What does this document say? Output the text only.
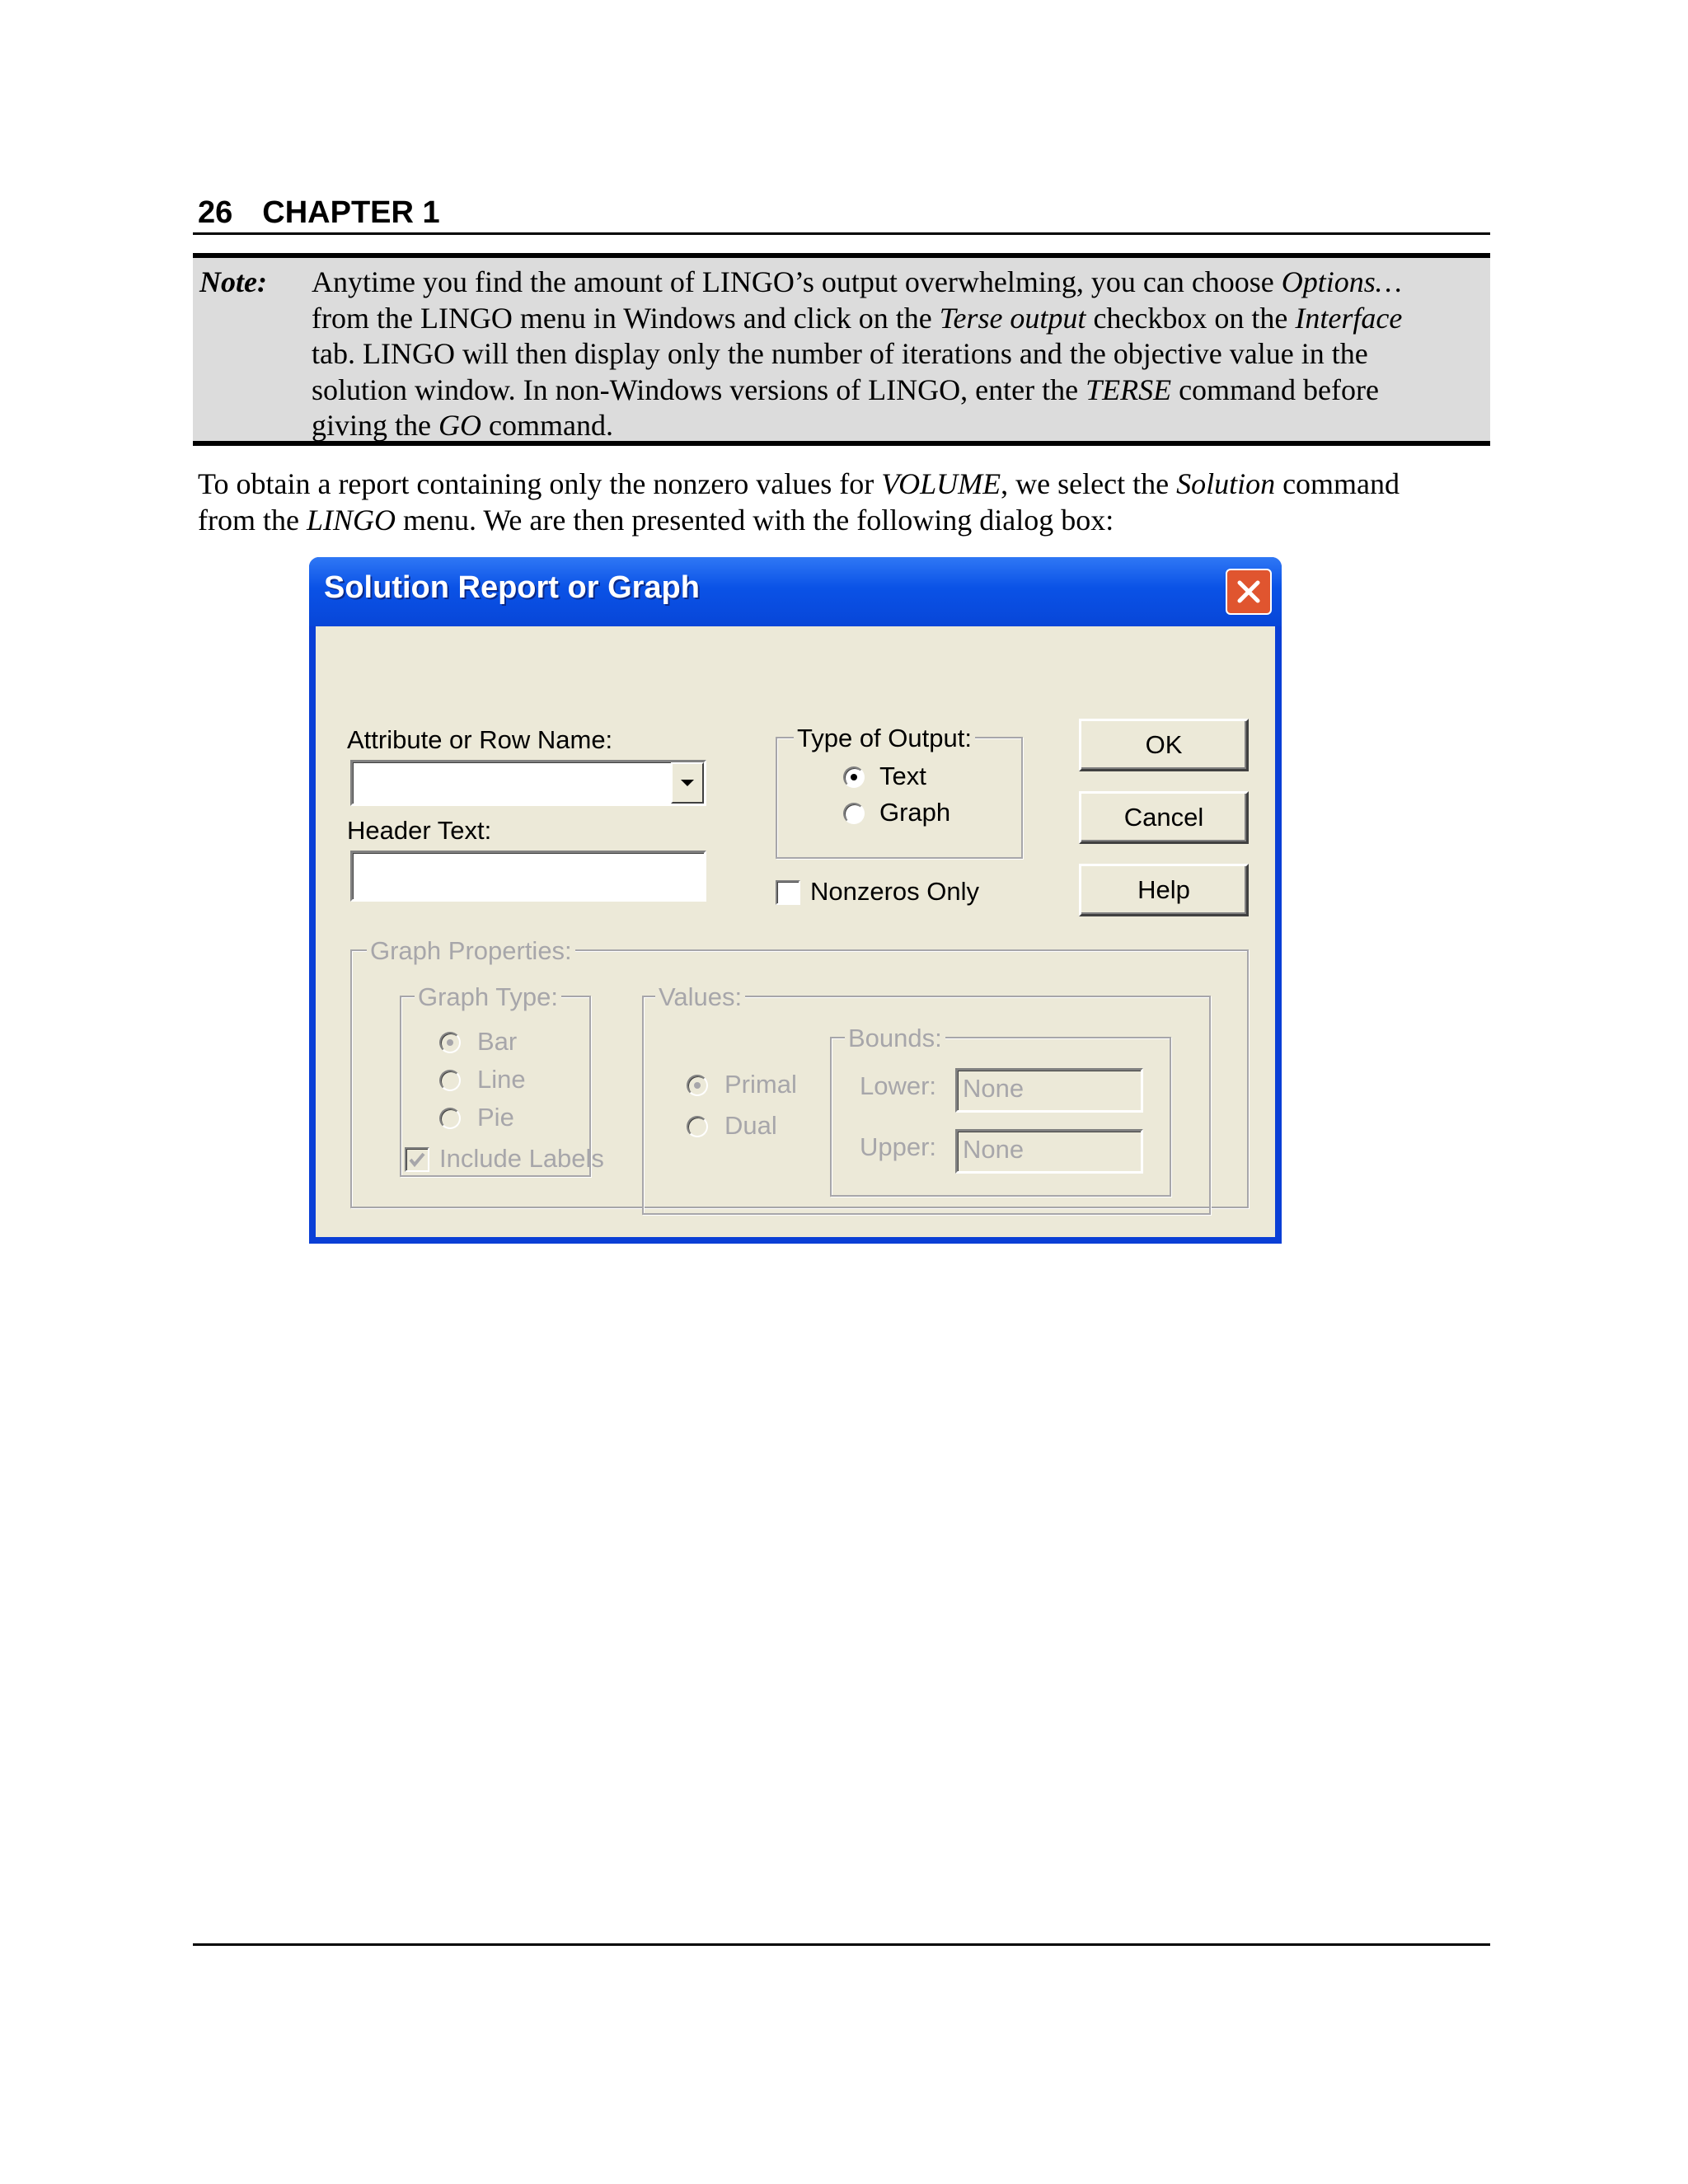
26 CHAPTER 1
Note: Anytime you find the amount of LINGO’s output overwhelming, you can choose Options…
from the LINGO menu in Windows and click on the Terse output checkbox on the Interface
tab. LINGO will then display only the number of iterations and the objective value in the
solution window. In non-Windows versions of LINGO, enter the TERSE command before
giving the GO command.
To obtain a report containing only the nonzero values for VOLUME, we select the Solution command
from the LINGO menu. We are then presented with the following dialog box:
Solution Report or Graph
Attribute or Row Name:
Header Text:
Type of Output:
Text
Graph
Nonzeros Only
OK
Cancel
Help
Graph Properties:
Graph Type:
Bar
Line
Pie
Include Labels
Values:
Primal
Dual
Bounds:
Lower: None
Upper: None
